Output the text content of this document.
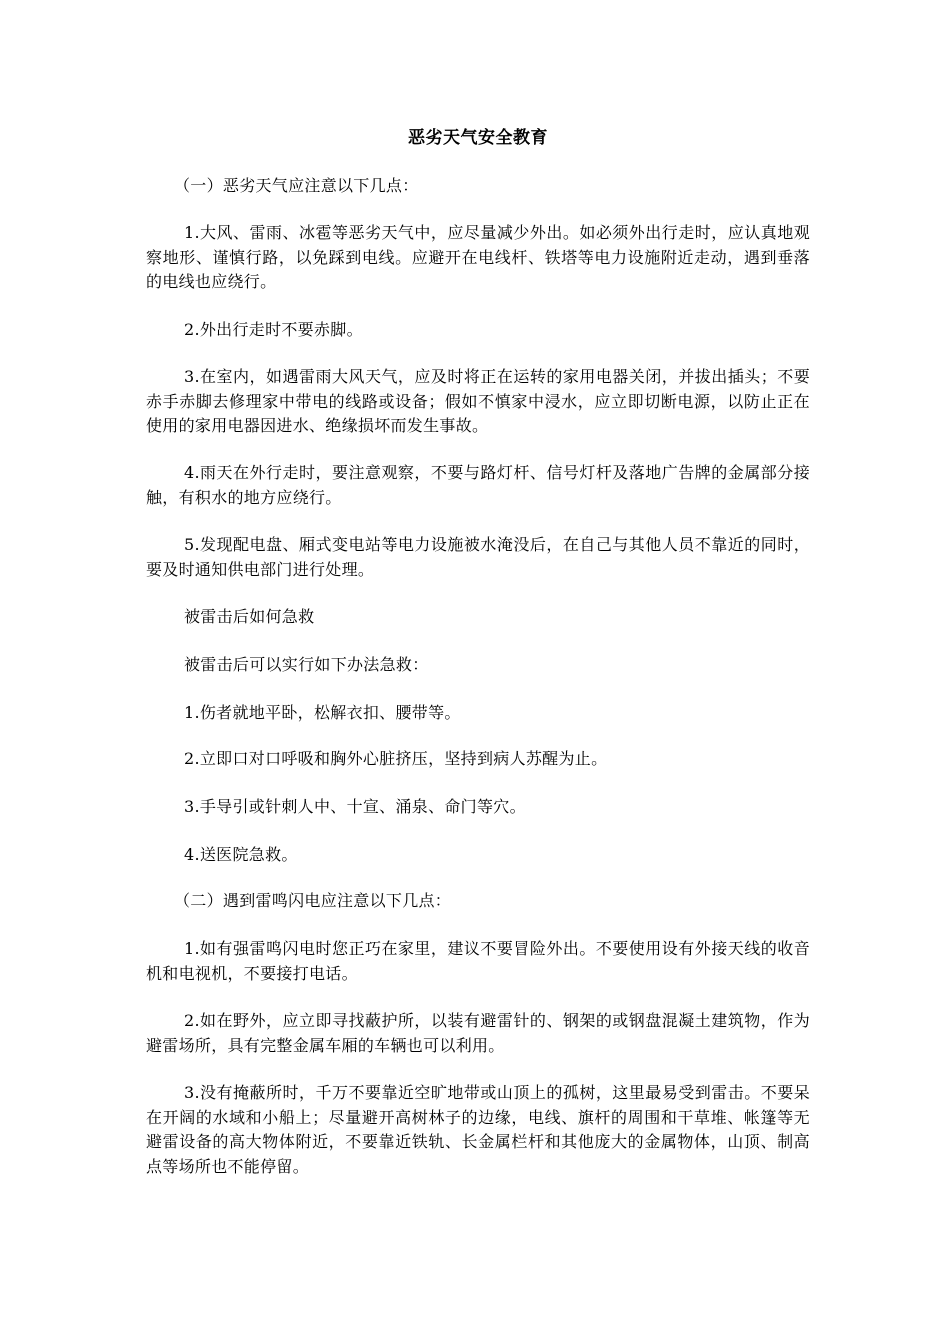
恶劣天气安全教育
（一）恶劣天气应注意以下几点：
1.大风、雷雨、冰雹等恶劣天气中，应尽量减少外出。如必须外出行走时，应认真地观察地形、谨慎行路，以免踩到电线。应避开在电线杆、铁塔等电力设施附近走动，遇到垂落的电线也应绕行。
2.外出行走时不要赤脚。
3.在室内，如遇雷雨大风天气，应及时将正在运转的家用电器关闭，并拔出插头；不要赤手赤脚去修理家中带电的线路或设备；假如不慎家中浸水，应立即切断电源，以防止正在使用的家用电器因进水、绝缘损坏而发生事故。
4.雨天在外行走时，要注意观察，不要与路灯杆、信号灯杆及落地广告牌的金属部分接触，有积水的地方应绕行。
5.发现配电盘、厢式变电站等电力设施被水淹没后，在自己与其他人员不靠近的同时，要及时通知供电部门进行处理。
被雷击后如何急救
被雷击后可以实行如下办法急救：
1.伤者就地平卧，松解衣扣、腰带等。
2.立即口对口呼吸和胸外心脏挤压，坚持到病人苏醒为止。
3.手导引或针刺人中、十宣、涌泉、命门等穴。
4.送医院急救。
（二）遇到雷鸣闪电应注意以下几点：
1.如有强雷鸣闪电时您正巧在家里，建议不要冒险外出。不要使用设有外接天线的收音机和电视机，不要接打电话。
2.如在野外，应立即寻找蔽护所，以装有避雷针的、钢架的或钢盘混凝土建筑物，作为避雷场所，具有完整金属车厢的车辆也可以利用。
3.没有掩蔽所时，千万不要靠近空旷地带或山顶上的孤树，这里最易受到雷击。不要呆在开阔的水域和小船上；尽量避开高树林子的边缘，电线、旗杆的周围和干草堆、帐篷等无避雷设备的高大物体附近，不要靠近铁轨、长金属栏杆和其他庞大的金属物体，山顶、制高点等场所也不能停留。
